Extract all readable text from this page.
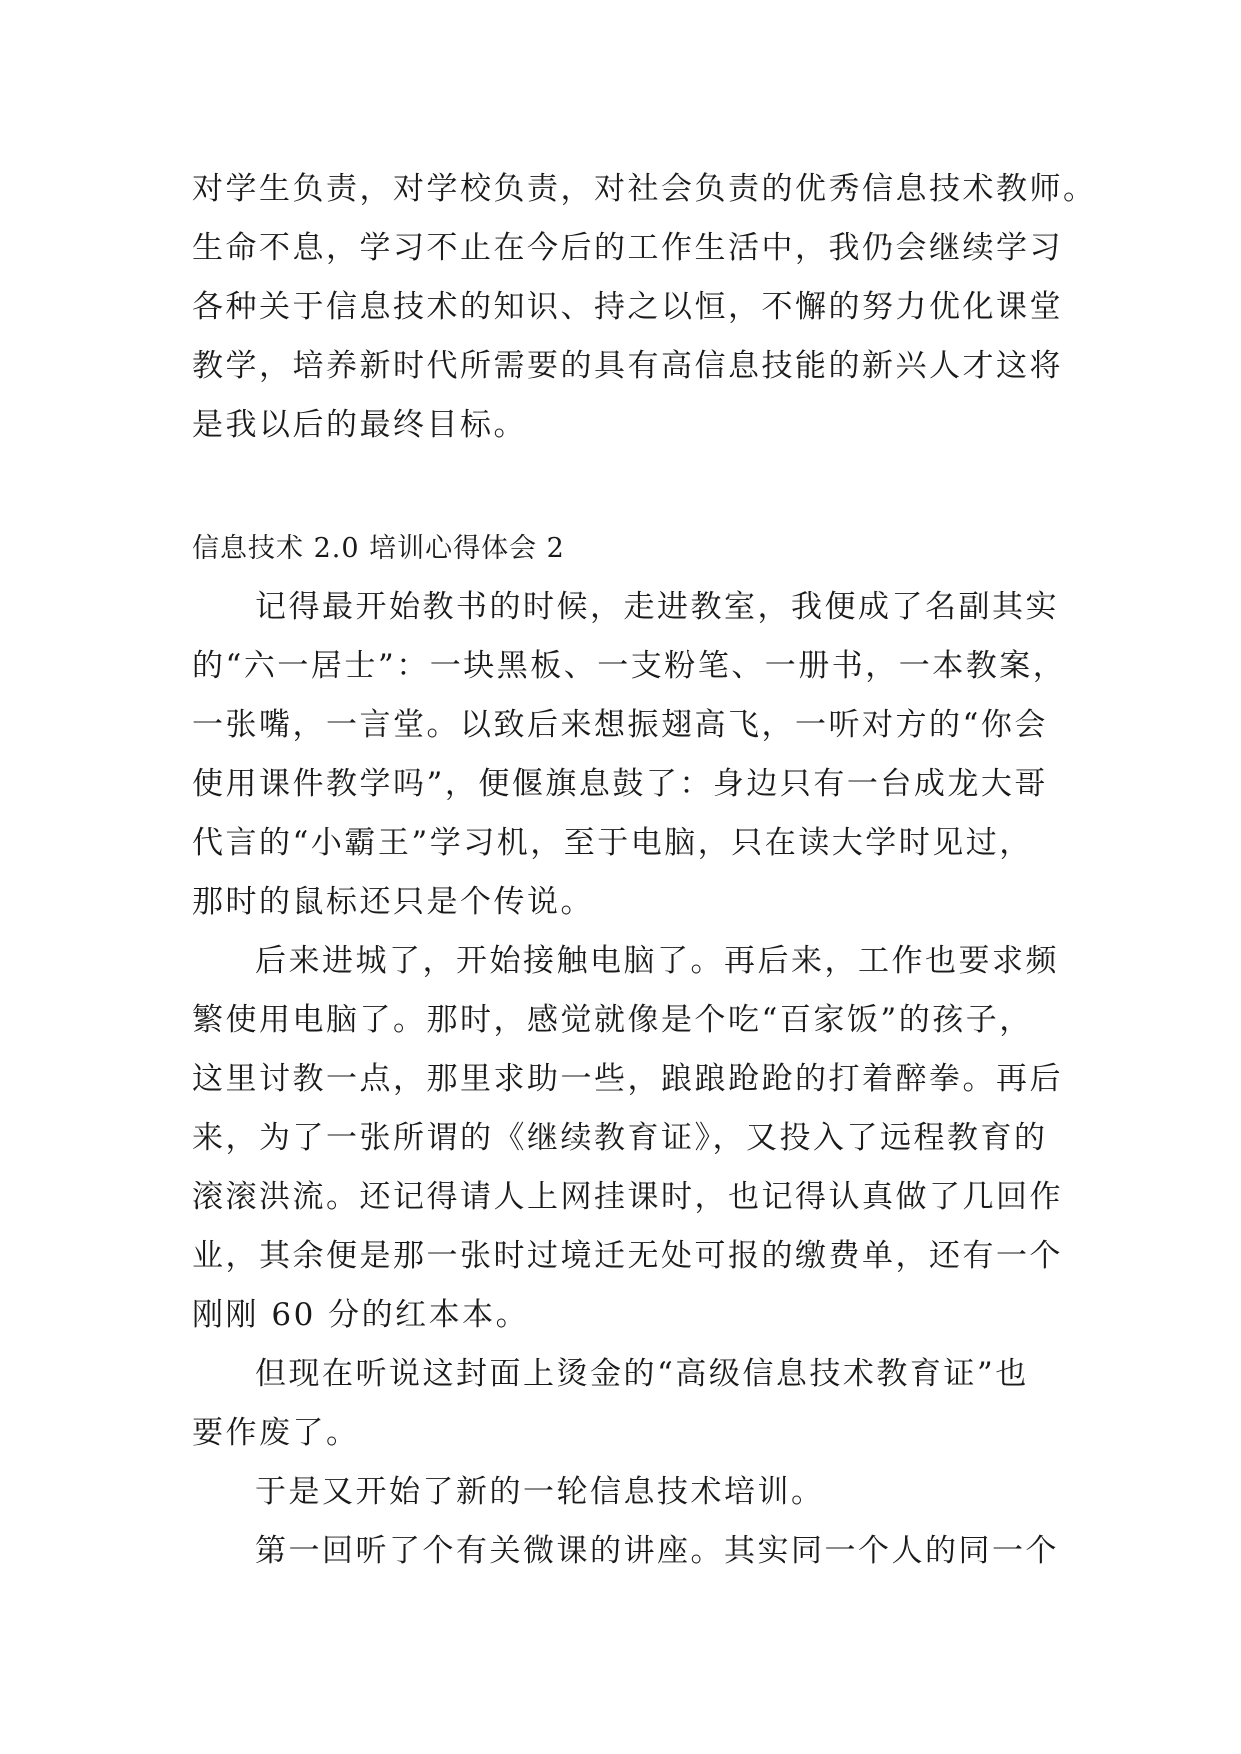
对学生负责，对学校负责，对社会负责的优秀信息技术教师。
生命不息，学习不止在今后的工作生活中，我仍会继续学习
各种关于信息技术的知识、持之以恒，不懈的努力优化课堂
教学，培养新时代所需要的具有高信息技能的新兴人才这将
是我以后的最终目标。
信息技术 2.0 培训心得体会 2
记得最开始教书的时候，走进教室，我便成了名副其实
的“六一居士”：一块黑板、一支粉笔、一册书，一本教案，
一张嘴，一言堂。以致后来想振翅高飞，一听对方的“你会
使用课件教学吗”，便偃旗息鼓了：身边只有一台成龙大哥
代言的“小霸王”学习机，至于电脑，只在读大学时见过，
那时的鼠标还只是个传说。
后来进城了，开始接触电脑了。再后来，工作也要求频
繁使用电脑了。那时，感觉就像是个吃“百家饭”的孩子，
这里讨教一点，那里求助一些，踉踉跄跄的打着醉拳。再后
来，为了一张所谓的《继续教育证》，又投入了远程教育的
滚滚洪流。还记得请人上网挂课时，也记得认真做了几回作
业，其余便是那一张时过境迁无处可报的缴费单，还有一个
刚刚 60 分的红本本。
但现在听说这封面上烫金的“高级信息技术教育证”也
要作废了。
于是又开始了新的一轮信息技术培训。
第一回听了个有关微课的讲座。其实同一个人的同一个
